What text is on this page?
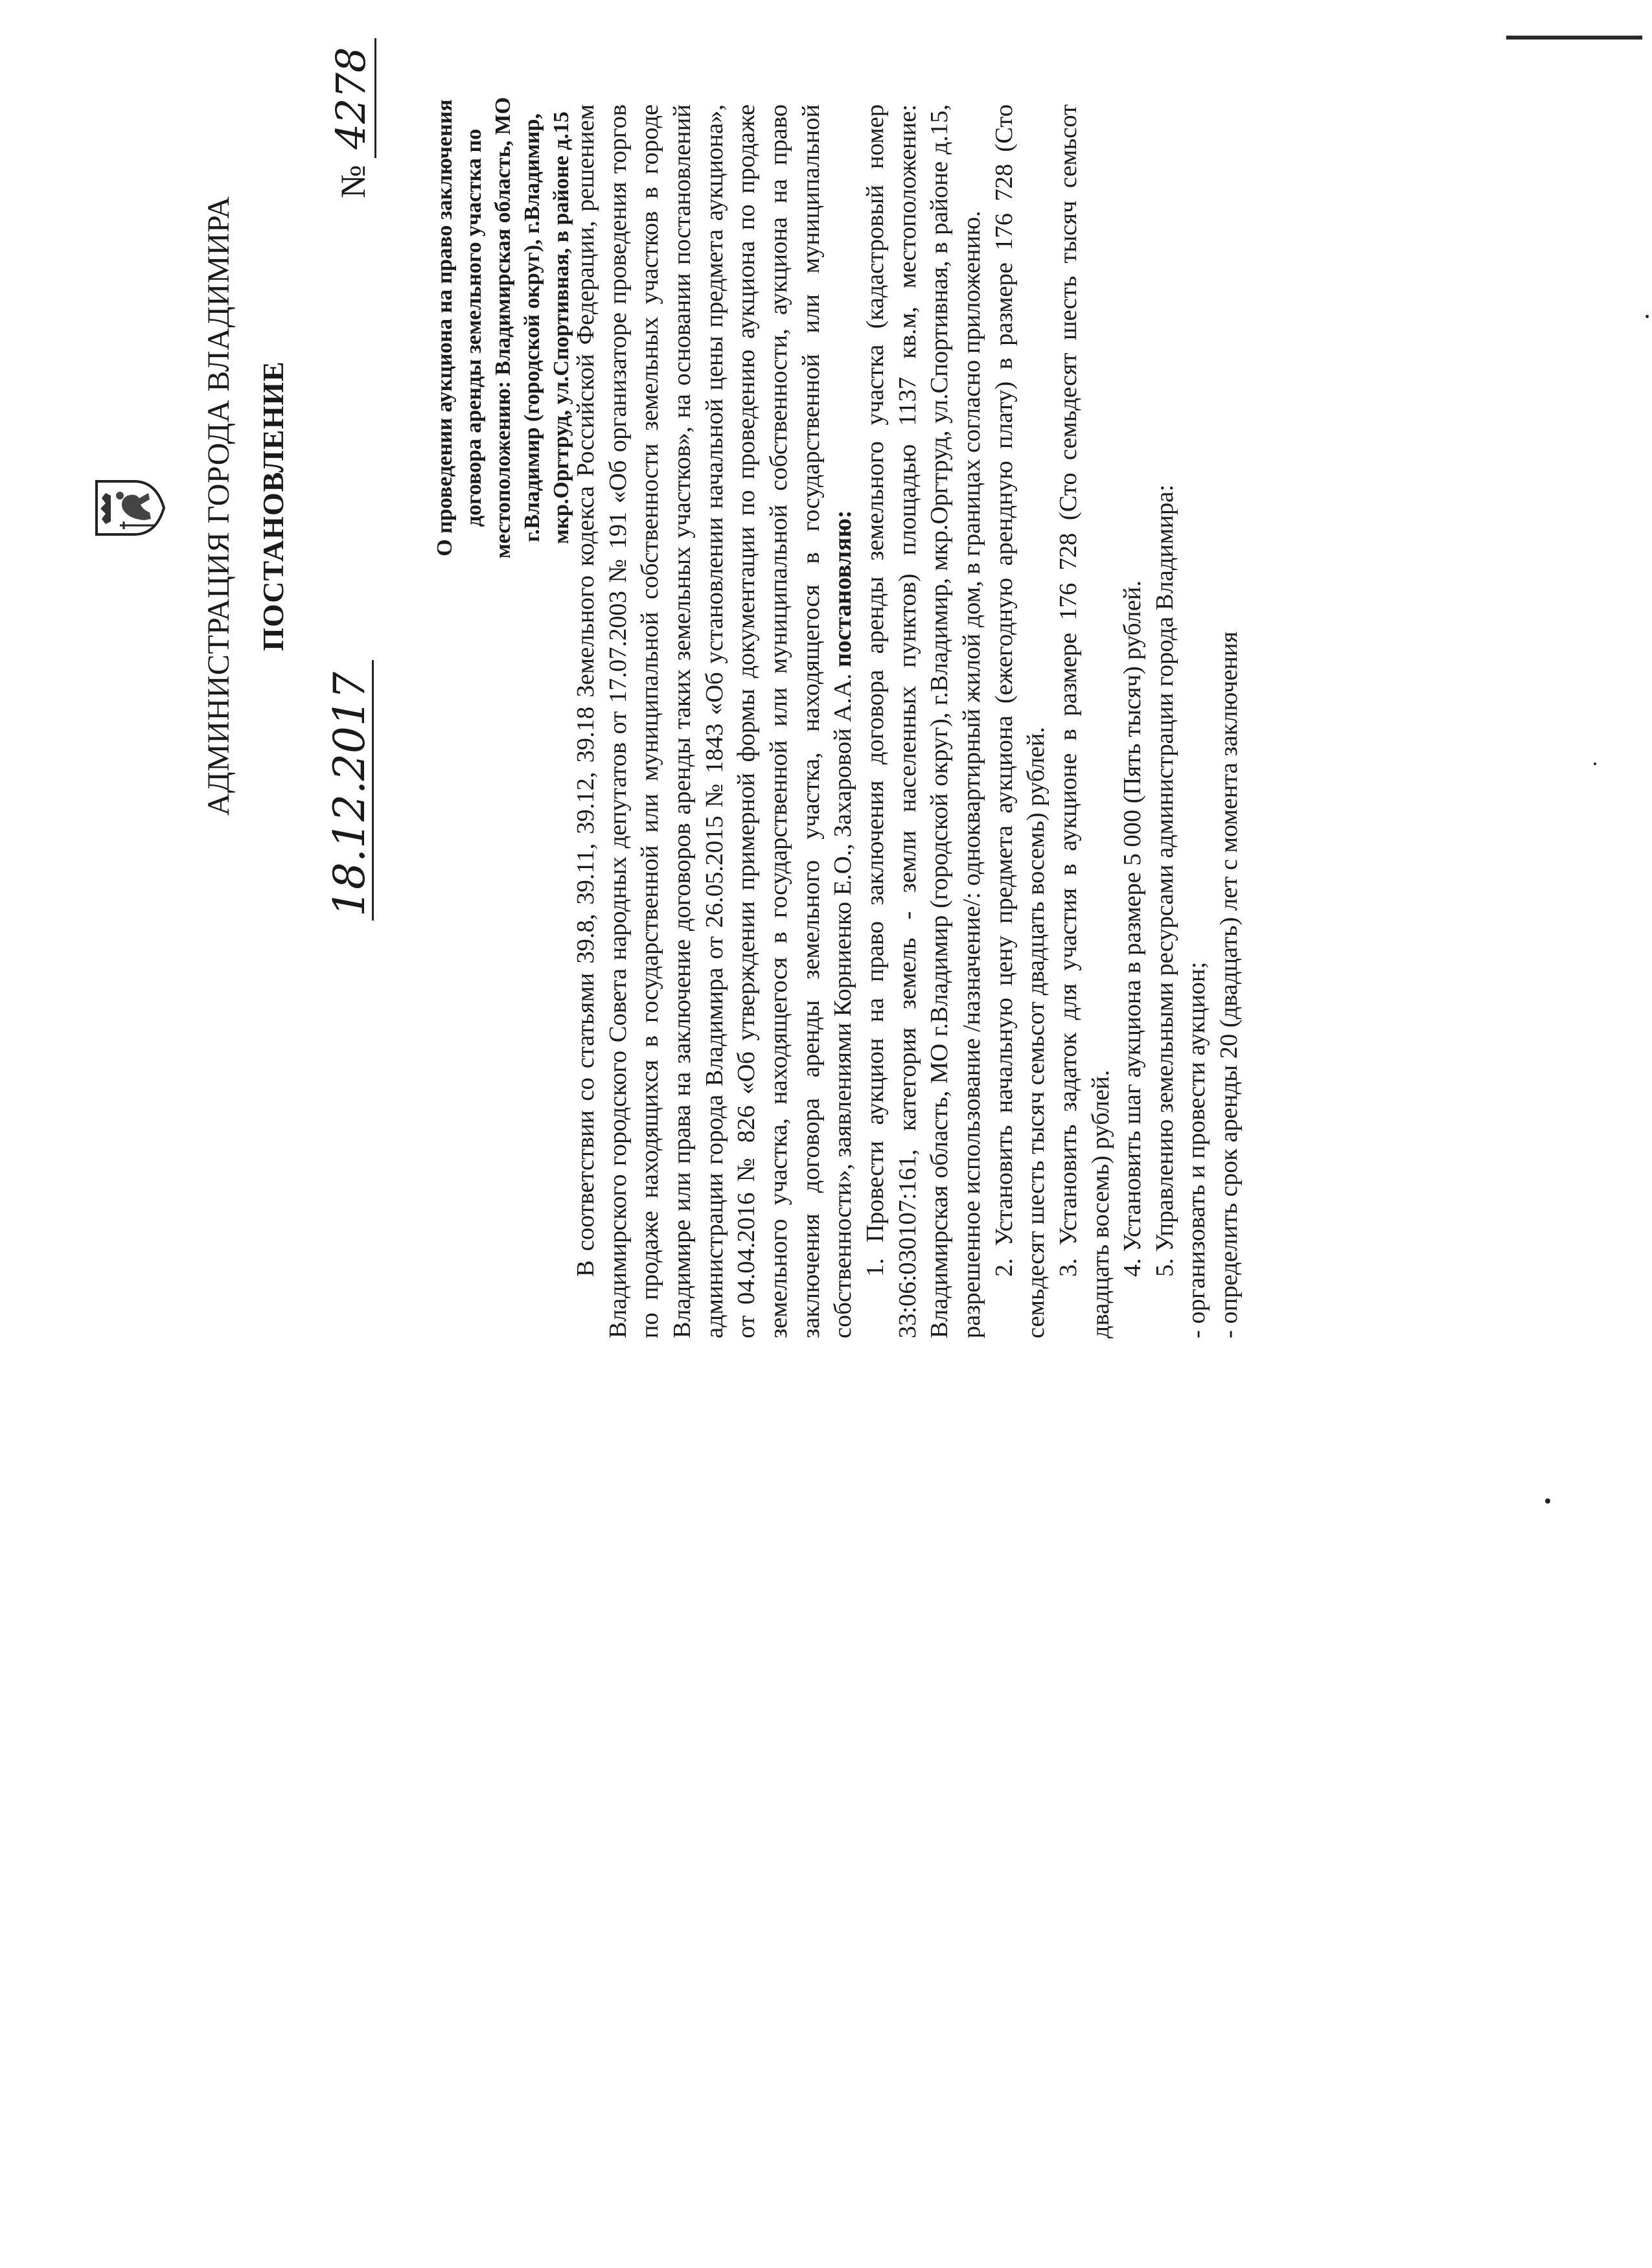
АДМИНИСТРАЦИЯ ГОРОДА ВЛАДИМИРА ПОСТАНОВЛЕНИЕ
18.12.2017
№4278
О проведении аукциона на право заключения договора аренды земельного участка по местоположению: Владимирская область, МО г.Владимир (городской округ), г.Владимир, мкр.Оргтруд, ул.Спортивная, в районе д.15

В соответствии со статьями 39.8, 39.11, 39.12, 39.18 Земельного кодекса Российской Федерации, решением Владимирского городского Совета народных депутатов от 17.07.2003 № 191 «Об организаторе проведения торгов по продаже находящихся в государственной или муниципальной собственности земельных участков в городе Владимире или права на заключение договоров аренды таких земельных участков», на основании постановлений администрации города Владимира от 26.05.2015 № 1843 «Об установлении начальной цены предмета аукциона», от 04.04.2016 № 826 «Об утверждении примерной формы документации по проведению аукциона по продаже земельного участка, находящегося в государственной или муниципальной собственности, аукциона на право заключения договора аренды земельного участка, находящегося в государственной или муниципальной собственности», заявлениями Корниенко Е.О., Захаровой А.А. постановляю: 1. Провести аукцион на право заключения договора аренды земельного участка (кадастровый номер 33:06:030107:161, категория земель - земли населенных пунктов) площадью 1137 кв.м, местоположение: Владимирская область, МО г.Владимир (городской округ), г.Владимир, мкр.Оргтруд, ул.Спортивная, в районе д.15, разрешенное использование /назначение/: одноквартирный жилой дом, в границах согласно приложению. 2. Установить начальную цену предмета аукциона (ежегодную арендную плату) в размере 176 728 (Сто семьдесят шесть тысяч семьсот двадцать восемь) рублей. 3. Установить задаток для участия в аукционе в размере 176 728 (Сто семьдесят шесть тысяч семьсот двадцать восемь) рублей. 4. Установить шаг аукциона в размере 5 000 (Пять тысяч) рублей. 5. Управлению земельными ресурсами администрации города Владимира: - организовать и провести аукцион; - определить срок аренды 20 (двадцать) лет с момента заключения
